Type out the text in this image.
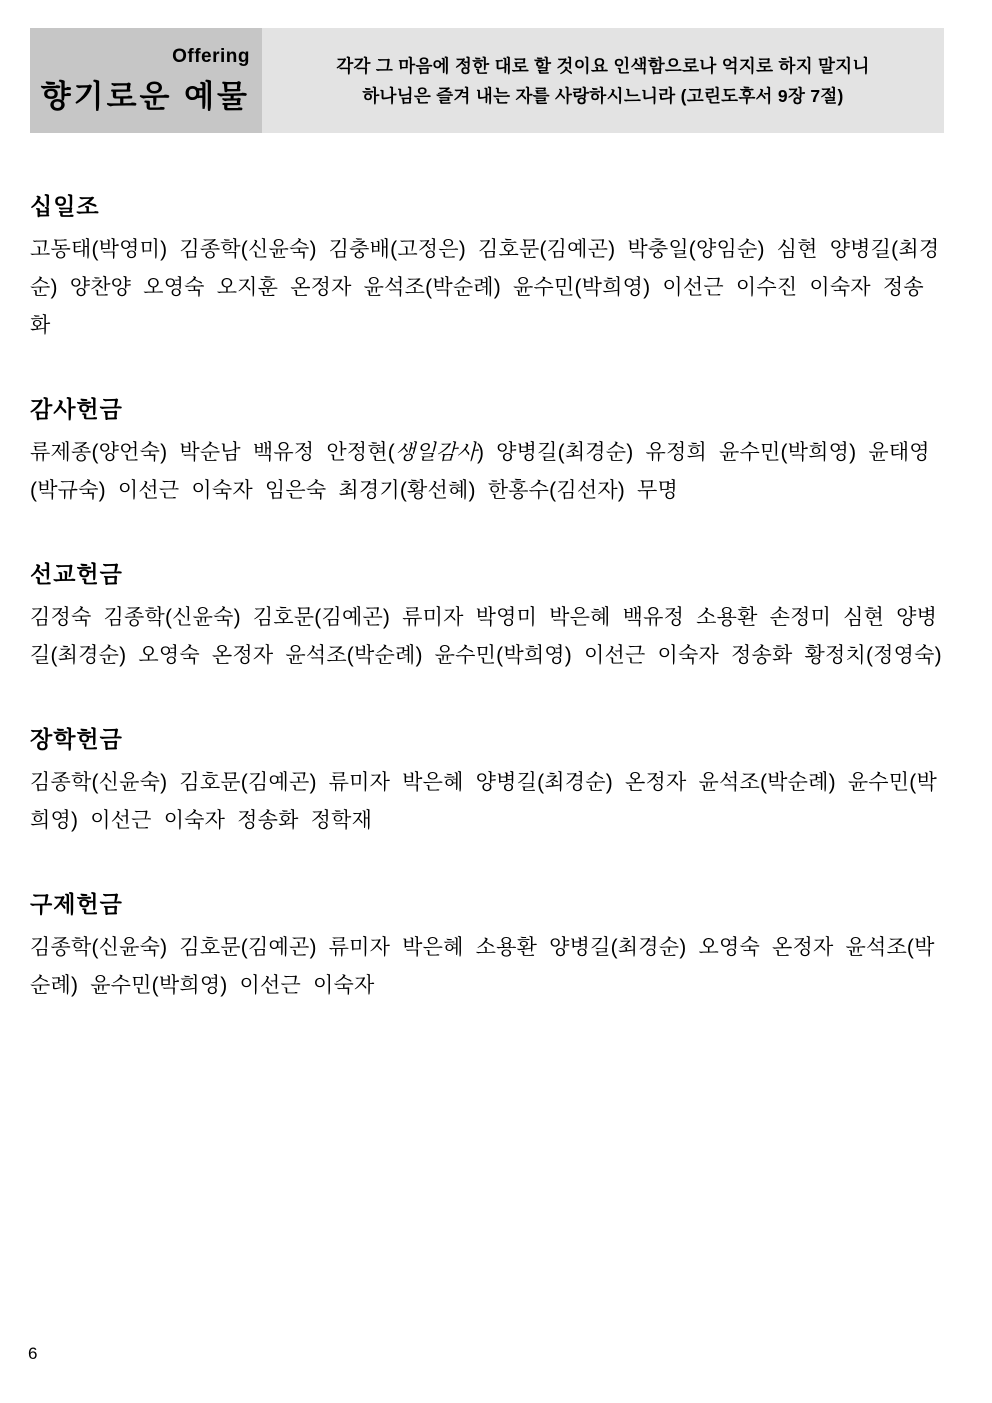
Offering
향기로운 예물
각각 그 마음에 정한 대로 할 것이요 인색함으로나 억지로 하지 말지니
하나님은 즐겨 내는 자를 사랑하시느니라 (고린도후서 9장 7절)
십일조

고동태(박영미) 김종학(신윤숙) 김충배(고정은) 김호문(김예곤) 박충일(양임순) 심현 양병길(최경순) 양찬양 오영숙 오지훈 온정자 윤석조(박순례) 윤수민(박희영) 이선근 이수진 이숙자 정송화

감사헌금

류제종(양언숙) 박순남 백유정 안정현(생일감사) 양병길(최경순) 유정희 윤수민(박희영) 윤태영(박규숙) 이선근 이숙자 임은숙 최경기(황선혜) 한홍수(김선자) 무명

선교헌금

김정숙 김종학(신윤숙) 김호문(김예곤) 류미자 박영미 박은혜 백유정 소용환 손정미 심현 양병길(최경순) 오영숙 온정자 윤석조(박순례) 윤수민(박희영) 이선근 이숙자 정송화 황정치(정영숙)

장학헌금

김종학(신윤숙) 김호문(김예곤) 류미자 박은혜 양병길(최경순) 온정자 윤석조(박순례) 윤수민(박희영) 이선근 이숙자 정송화 정학재

구제헌금

김종학(신윤숙) 김호문(김예곤) 류미자 박은혜 소용환 양병길(최경순) 오영숙 온정자 윤석조(박순례) 윤수민(박희영) 이선근 이숙자

6
